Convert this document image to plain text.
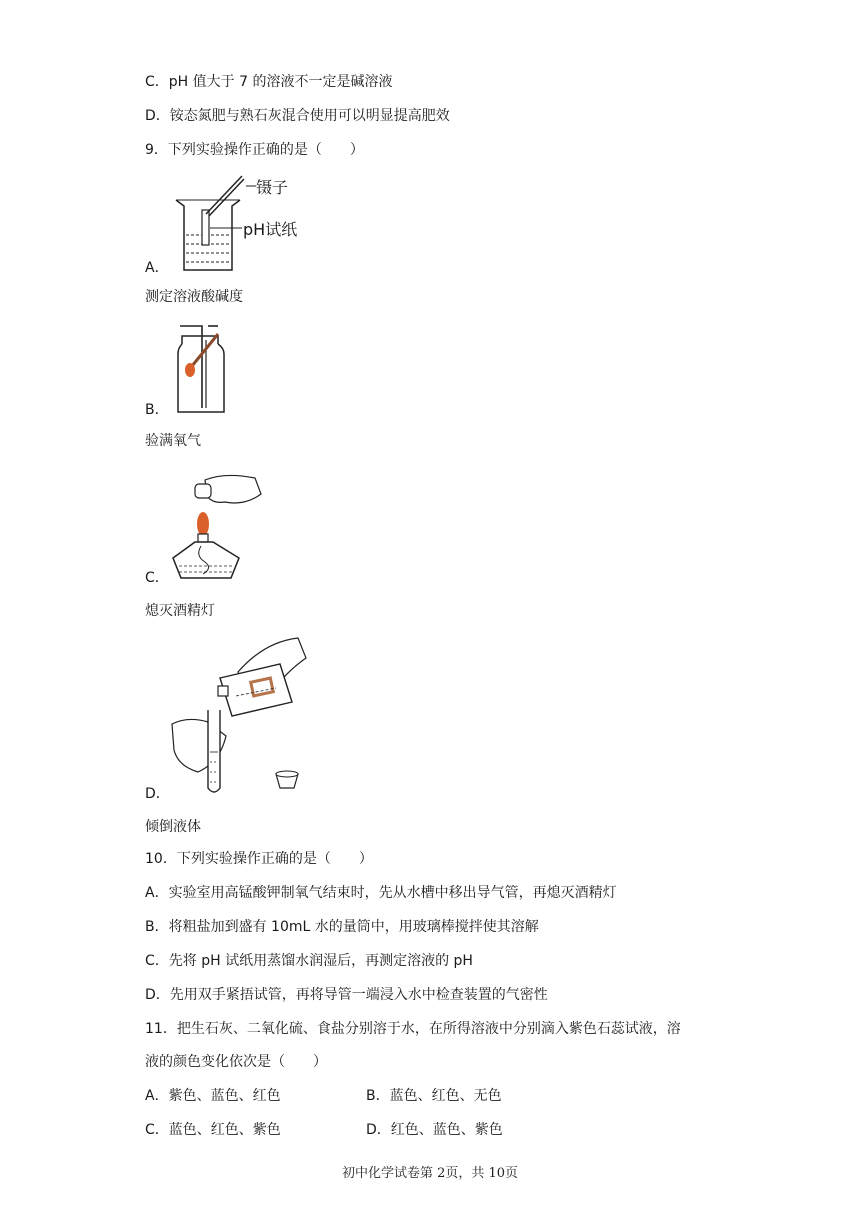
C．pH 值大于 7 的溶液不一定是碱溶液
D．铵态氮肥与熟石灰混合使用可以明显提高肥效
9．下列实验操作正确的是（　　）
镊子
pH试纸
A．
测定溶液酸碱度
B．
验满氧气
C．
熄灭酒精灯
D．
倾倒液体
10．下列实验操作正确的是（　　）
A．实验室用高锰酸钾制氧气结束时，先从水槽中移出导气管，再熄灭酒精灯
B．将粗盐加到盛有 10mL 水的量筒中，用玻璃棒搅拌使其溶解
C．先将 pH 试纸用蒸馏水润湿后，再测定溶液的 pH
D．先用双手紧捂试管，再将导管一端浸入水中检查装置的气密性
11．把生石灰、二氧化硫、食盐分别溶于水，在所得溶液中分别滴入紫色石蕊试液，溶
液的颜色变化依次是（　　）
A．紫色、蓝色、红色	B．蓝色、红色、无色
C．蓝色、红色、紫色	D．红色、蓝色、紫色
初中化学试卷第 2页，共 10页
